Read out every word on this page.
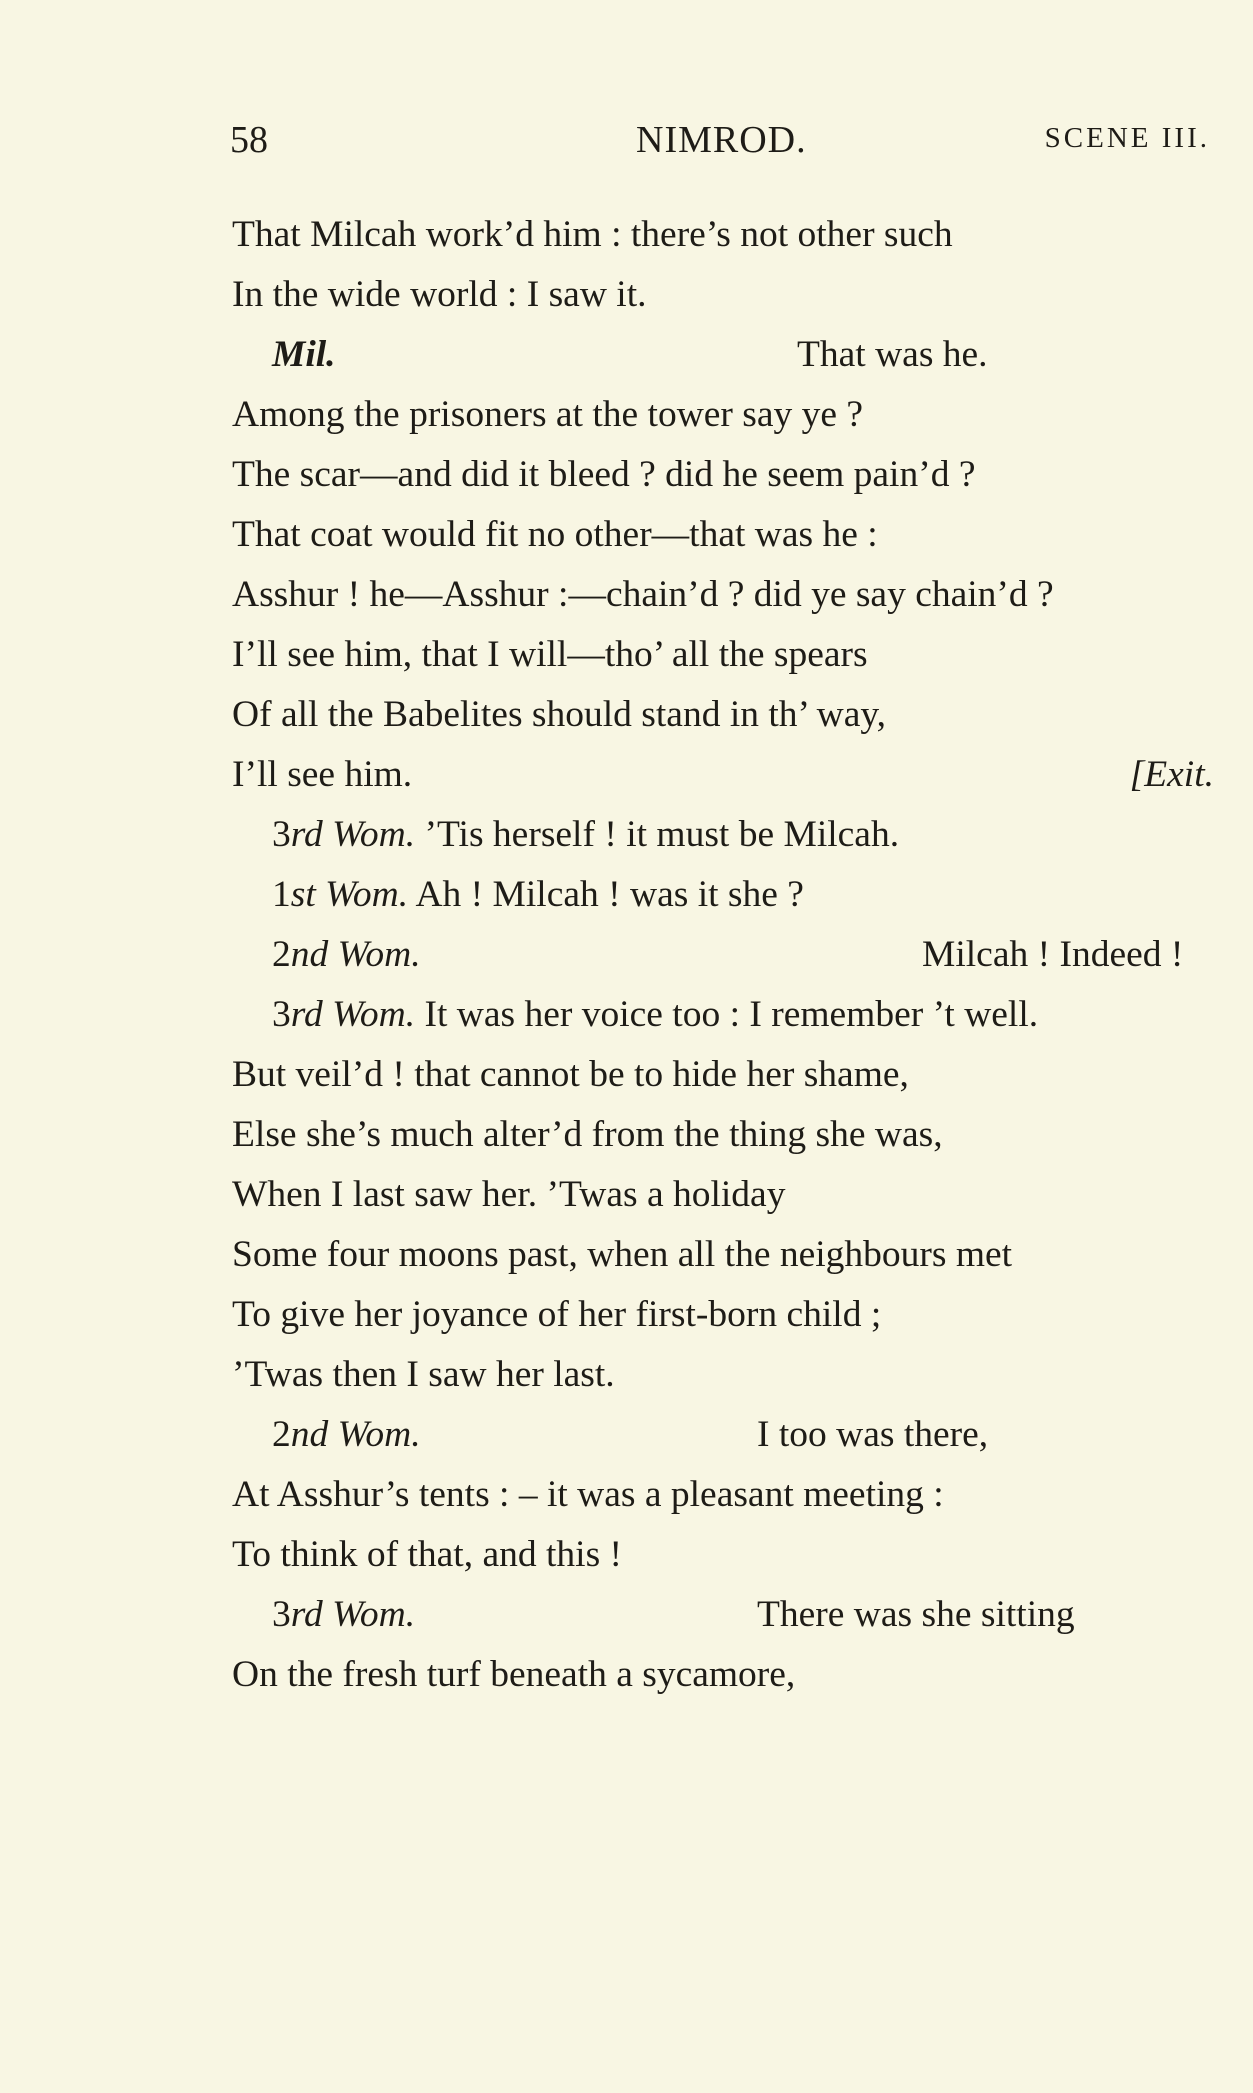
58	NIMROD.	SCENE III.
That Milcah work’d him : there’s not other such
In the wide world : I saw it.
Mil.	That was he.
Among the prisoners at the tower say ye ?
The scar—and did it bleed ? did he seem pain’d ?
That coat would fit no other—that was he :
Asshur ! he—Asshur :—chain’d ? did ye say chain’d ?
I’ll see him, that I will—tho’ all the spears
Of all the Babelites should stand in th’ way,
I’ll see him.	[Exit.
3rd Wom. ’Tis herself ! it must be Milcah.
1st Wom. Ah ! Milcah ! was it she ?
2nd Wom.	Milcah ! Indeed !
3rd Wom. It was her voice too : I remember ’t well.
But veil’d ! that cannot be to hide her shame,
Else she’s much alter’d from the thing she was,
When I last saw her. ’Twas a holiday
Some four moons past, when all the neighbours met
To give her joyance of her first-born child ;
’Twas then I saw her last.
2nd Wom.	I too was there,
At Asshur’s tents : – it was a pleasant meeting :
To think of that, and this !
3rd Wom.	There was she sitting
On the fresh turf beneath a sycamore,
